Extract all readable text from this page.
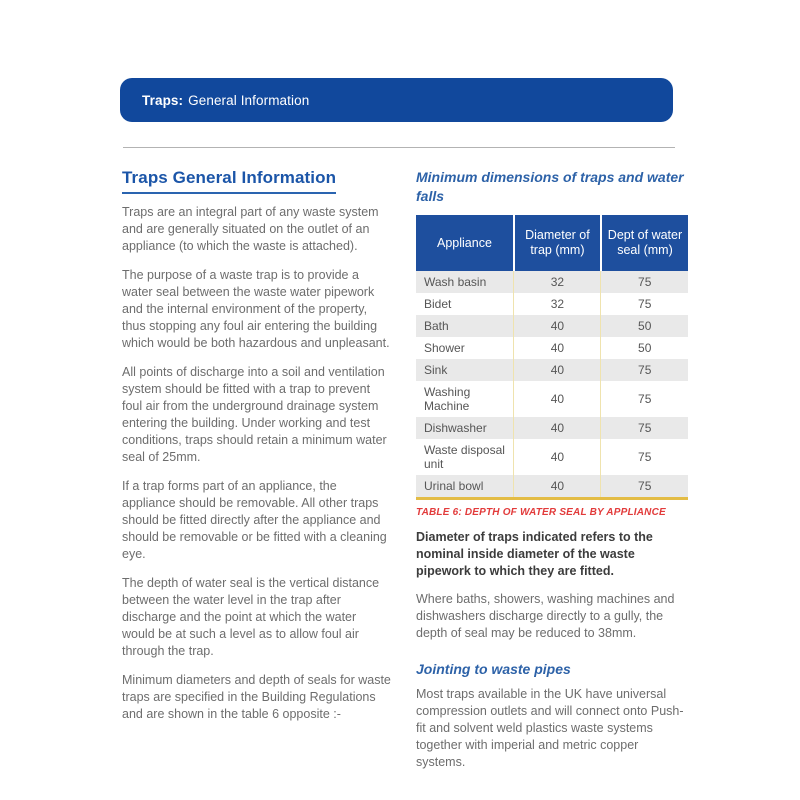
Traps: General Information
Traps General Information

Traps are an integral part of any waste system and are generally situated on the outlet of an appliance (to which the waste is attached).

The purpose of a waste trap is to provide a water seal between the waste water pipework and the internal environment of the property, thus stopping any foul air entering the building which would be both hazardous and unpleasant.

All points of discharge into a soil and ventilation system should be fitted with a trap to prevent foul air from the underground drainage system entering the building. Under working and test conditions, traps should retain a minimum water seal of 25mm.

If a trap forms part of an appliance, the appliance should be removable. All other traps should be fitted directly after the appliance and should be removable or be fitted with a cleaning eye.

The depth of water seal is the vertical distance between the water level in the trap after discharge and the point at which the water would be at such a level as to allow foul air through the trap.

Minimum diameters and depth of seals for waste traps are specified in the Building Regulations and are shown in the table 6 opposite :-

Minimum dimensions of traps and water falls
Appliance	Diameter of trap (mm)	Dept of water seal (mm)
Wash basin	32	75
Bidet	32	75
Bath	40	50
Shower	40	50
Sink	40	75
Washing Machine	40	75
Dishwasher	40	75
Waste disposal unit	40	75
Urinal bowl	40	75
TABLE 6: DEPTH OF WATER SEAL BY APPLIANCE

Diameter of traps indicated refers to the nominal inside diameter of the waste pipework to which they are fitted.

Where baths, showers, washing machines and dishwashers discharge directly to a gully, the depth of seal may be reduced to 38mm.

Jointing to waste pipes

Most traps available in the UK have universal compression outlets and will connect onto Push-fit and solvent weld plastics waste systems together with imperial and metric copper systems.
